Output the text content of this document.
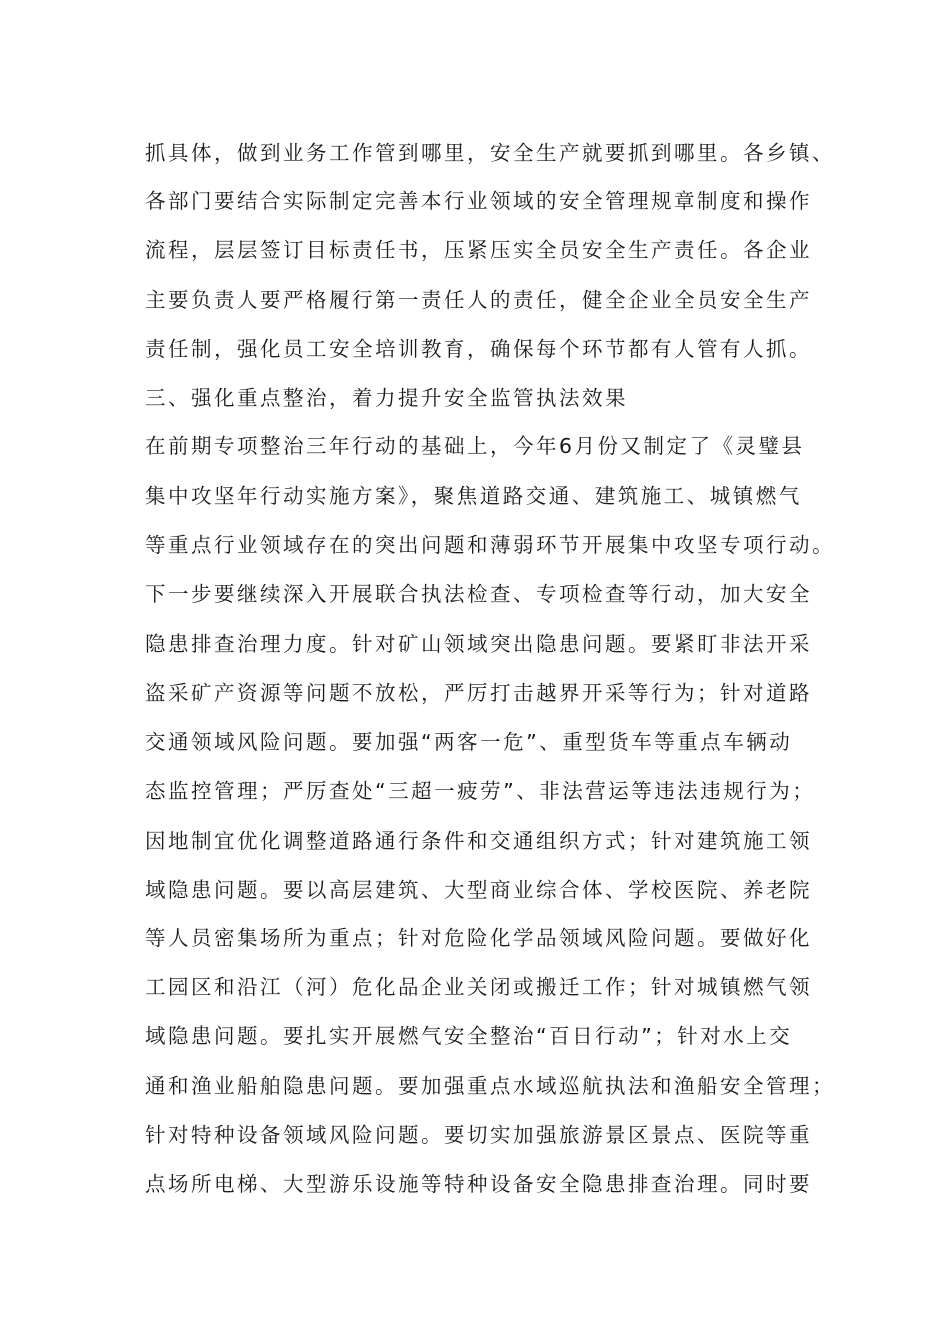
抓具体，做到业务工作管到哪里，安全生产就要抓到哪里。各乡镇、
各部门要结合实际制定完善本行业领域的安全管理规章制度和操作
流程，层层签订目标责任书，压紧压实全员安全生产责任。各企业
主要负责人要严格履行第一责任人的责任，健全企业全员安全生产
责任制，强化员工安全培训教育，确保每个环节都有人管有人抓。
三、强化重点整治，着力提升安全监管执法效果
在前期专项整治三年行动的基础上，今年6月份又制定了《灵璧县
集中攻坚年行动实施方案》，聚焦道路交通、建筑施工、城镇燃气
等重点行业领域存在的突出问题和薄弱环节开展集中攻坚专项行动。
下一步要继续深入开展联合执法检查、专项检查等行动，加大安全
隐患排查治理力度。针对矿山领域突出隐患问题。要紧盯非法开采
盗采矿产资源等问题不放松，严厉打击越界开采等行为；针对道路
交通领域风险问题。要加强“两客一危”、重型货车等重点车辆动
态监控管理；严厉查处“三超一疲劳”、非法营运等违法违规行为；
因地制宜优化调整道路通行条件和交通组织方式；针对建筑施工领
域隐患问题。要以高层建筑、大型商业综合体、学校医院、养老院
等人员密集场所为重点；针对危险化学品领域风险问题。要做好化
工园区和沿江（河）危化品企业关闭或搬迁工作；针对城镇燃气领
域隐患问题。要扎实开展燃气安全整治“百日行动”；针对水上交
通和渔业船舶隐患问题。要加强重点水域巡航执法和渔船安全管理；
针对特种设备领域风险问题。要切实加强旅游景区景点、医院等重
点场所电梯、大型游乐设施等特种设备安全隐患排查治理。同时要
